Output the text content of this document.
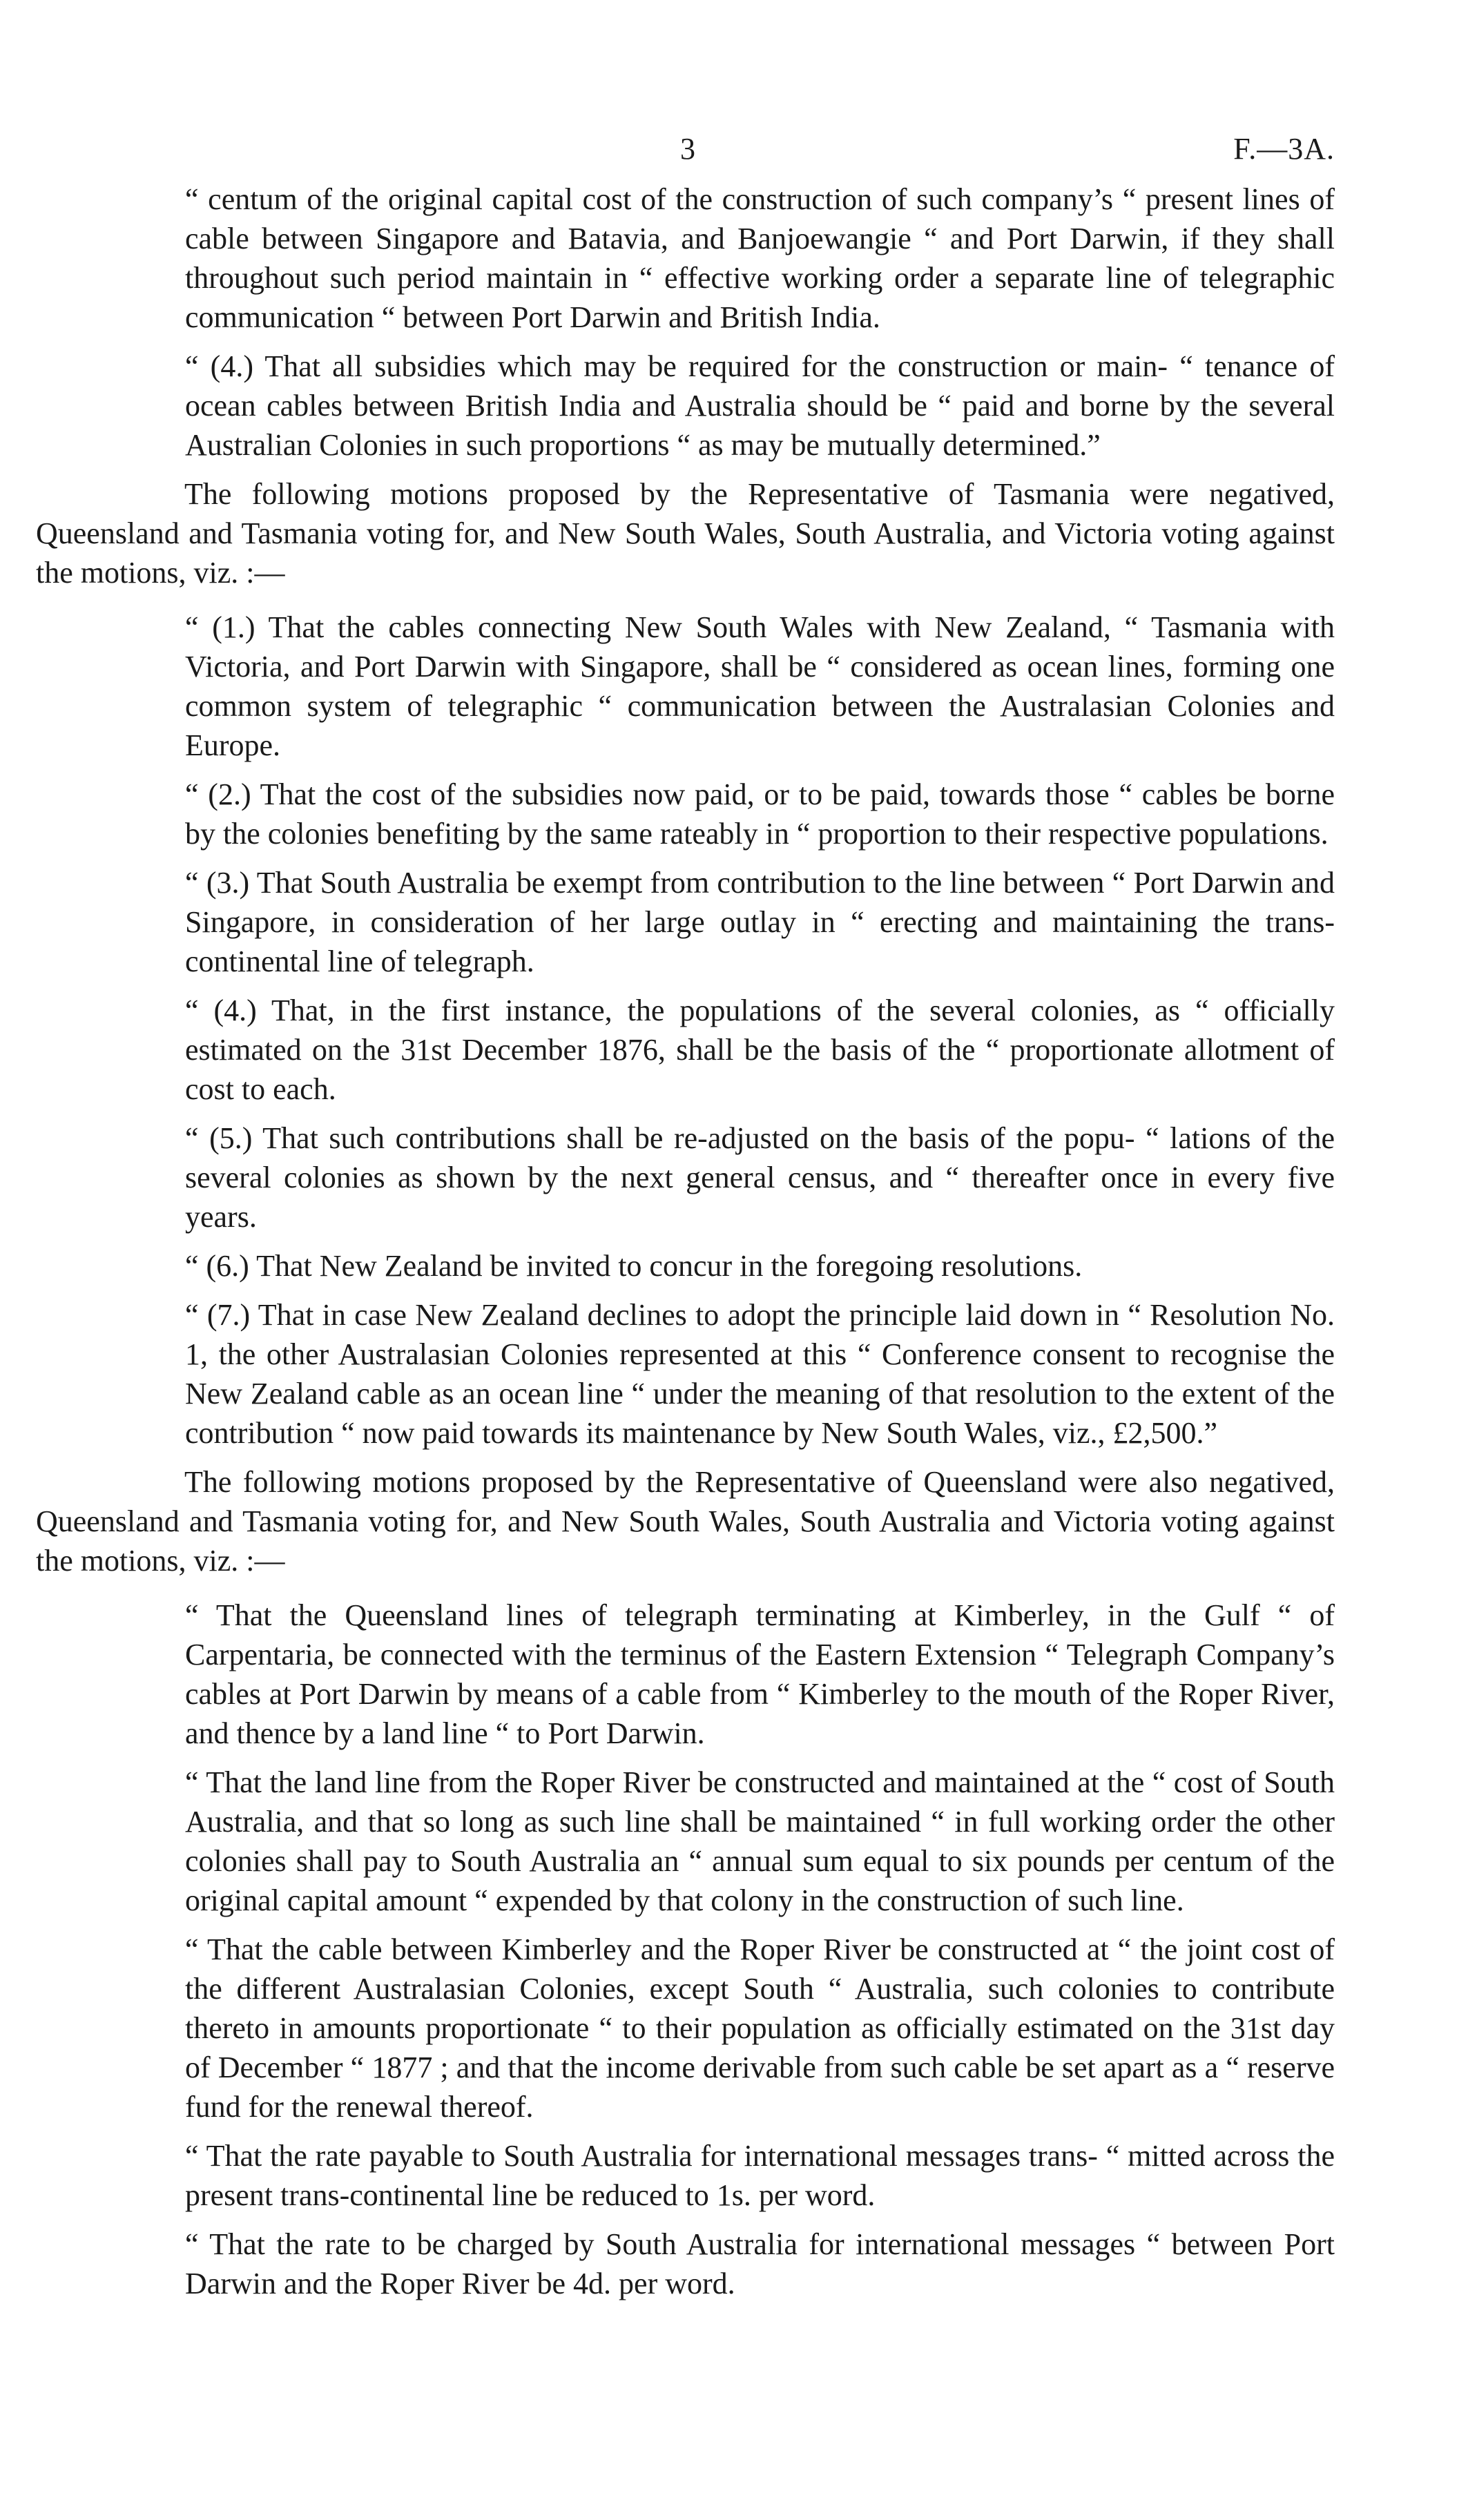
3	F.—3A.
“ centum of the original capital cost of the construction of such company’s “ present lines of cable between Singapore and Batavia, and Banjoewangie “ and Port Darwin, if they shall throughout such period maintain in “ effective working order a separate line of telegraphic communication “ between Port Darwin and British India.
“ (4.) That all subsidies which may be required for the construction or main- “ tenance of ocean cables between British India and Australia should be “ paid and borne by the several Australian Colonies in such proportions “ as may be mutually determined.”

The following motions proposed by the Representative of Tasmania were negatived, Queensland and Tasmania voting for, and New South Wales, South Australia, and Victoria voting against the motions, viz. :—

“ (1.) That the cables connecting New South Wales with New Zealand, “ Tasmania with Victoria, and Port Darwin with Singapore, shall be “ considered as ocean lines, forming one common system of telegraphic “ communication between the Australasian Colonies and Europe.
“ (2.) That the cost of the subsidies now paid, or to be paid, towards those “ cables be borne by the colonies benefiting by the same rateably in “ proportion to their respective populations.
“ (3.) That South Australia be exempt from contribution to the line between “ Port Darwin and Singapore, in consideration of her large outlay in “ erecting and maintaining the trans-continental line of telegraph.
“ (4.) That, in the first instance, the populations of the several colonies, as “ officially estimated on the 31st December 1876, shall be the basis of the “ proportionate allotment of cost to each.
“ (5.) That such contributions shall be re-adjusted on the basis of the popu- “ lations of the several colonies as shown by the next general census, and “ thereafter once in every five years.
“ (6.) That New Zealand be invited to concur in the foregoing resolutions.
“ (7.) That in case New Zealand declines to adopt the principle laid down in “ Resolution No. 1, the other Australasian Colonies represented at this “ Conference consent to recognise the New Zealand cable as an ocean line “ under the meaning of that resolution to the extent of the contribution “ now paid towards its maintenance by New South Wales, viz., £2,500.”

The following motions proposed by the Representative of Queensland were also negatived, Queensland and Tasmania voting for, and New South Wales, South Australia and Victoria voting against the motions, viz. :—

“ That the Queensland lines of telegraph terminating at Kimberley, in the Gulf “ of Carpentaria, be connected with the terminus of the Eastern Extension “ Telegraph Company’s cables at Port Darwin by means of a cable from “ Kimberley to the mouth of the Roper River, and thence by a land line “ to Port Darwin.
“ That the land line from the Roper River be constructed and maintained at the “ cost of South Australia, and that so long as such line shall be maintained “ in full working order the other colonies shall pay to South Australia an “ annual sum equal to six pounds per centum of the original capital amount “ expended by that colony in the construction of such line.
“ That the cable between Kimberley and the Roper River be constructed at “ the joint cost of the different Australasian Colonies, except South “ Australia, such colonies to contribute thereto in amounts proportionate “ to their population as officially estimated on the 31st day of December “ 1877 ; and that the income derivable from such cable be set apart as a “ reserve fund for the renewal thereof.
“ That the rate payable to South Australia for international messages trans- “ mitted across the present trans-continental line be reduced to 1s. per word.
“ That the rate to be charged by South Australia for international messages “ between Port Darwin and the Roper River be 4d. per word.
